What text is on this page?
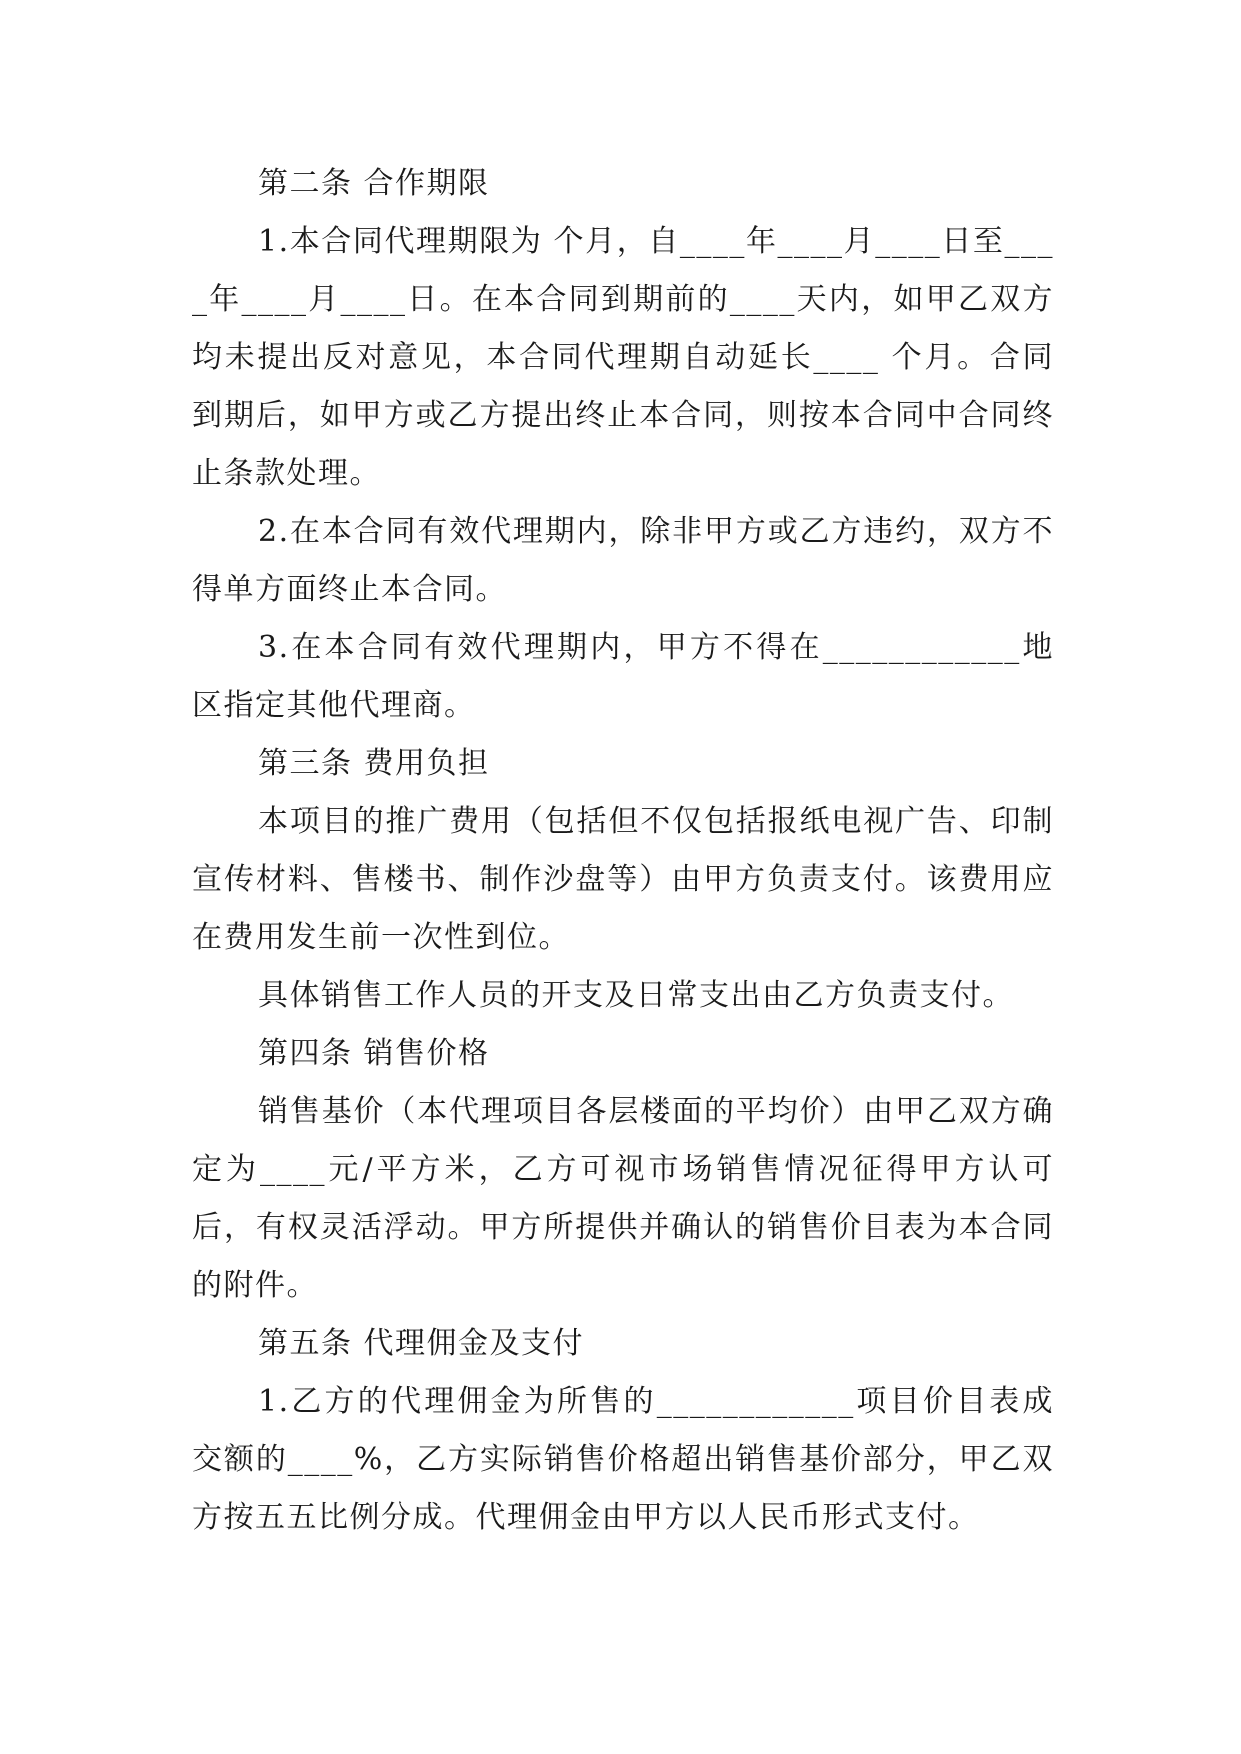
第二条 合作期限

1.本合同代理期限为 个月，自____年____月____日至____年____月____日。在本合同到期前的____天内，如甲乙双方均未提出反对意见，本合同代理期自动延长____ 个月。合同到期后，如甲方或乙方提出终止本合同，则按本合同中合同终止条款处理。

2.在本合同有效代理期内，除非甲方或乙方违约，双方不得单方面终止本合同。

3.在本合同有效代理期内，甲方不得在____________地区指定其他代理商。

第三条 费用负担

本项目的推广费用（包括但不仅包括报纸电视广告、印制宣传材料、售楼书、制作沙盘等）由甲方负责支付。该费用应在费用发生前一次性到位。

具体销售工作人员的开支及日常支出由乙方负责支付。

第四条 销售价格

销售基价（本代理项目各层楼面的平均价）由甲乙双方确定为____元/平方米，乙方可视市场销售情况征得甲方认可后，有权灵活浮动。甲方所提供并确认的销售价目表为本合同的附件。

第五条 代理佣金及支付

1.乙方的代理佣金为所售的____________项目价目表成交额的____%，乙方实际销售价格超出销售基价部分，甲乙双方按五五比例分成。代理佣金由甲方以人民币形式支付。
